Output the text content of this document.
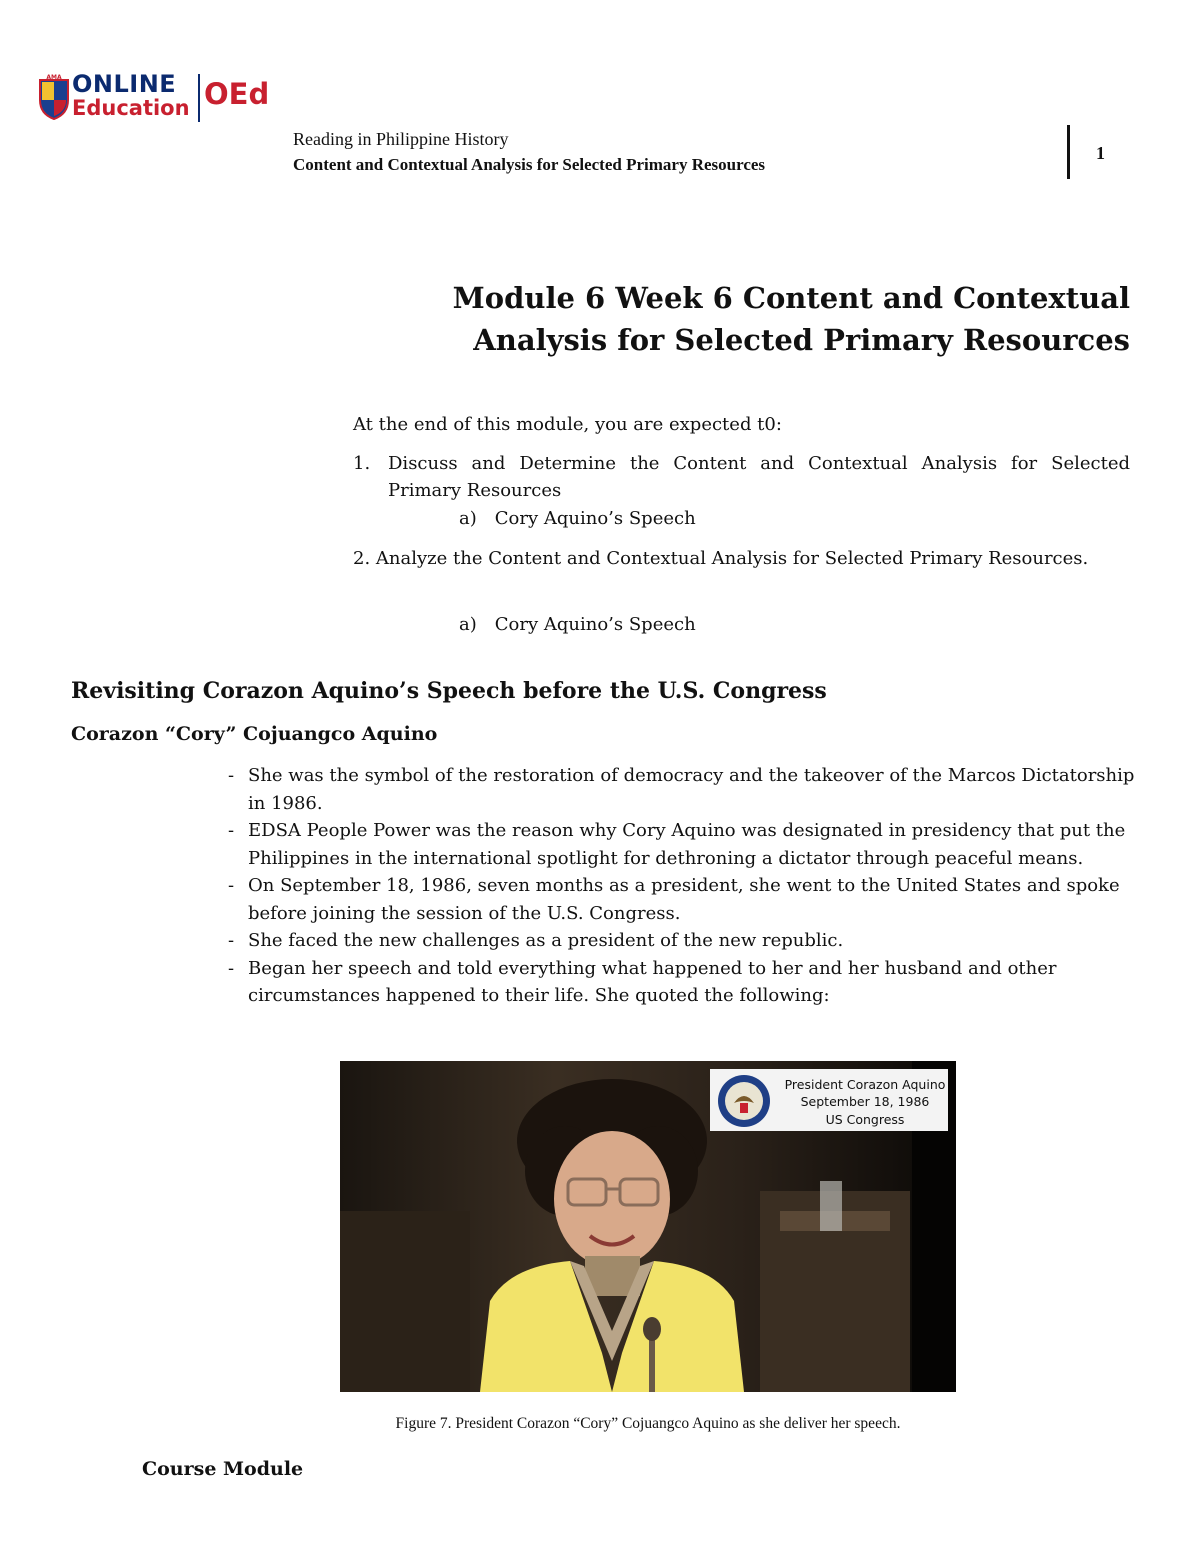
AMA ONLINE
Education OEd
Reading in Philippine History
Content and Contextual Analysis for Selected Primary Resources
1
Module 6 Week 6 Content and Contextual
Analysis for Selected Primary Resources
At the end of this module, you are expected t0:
1. Discuss and Determine the Content and Contextual Analysis for Selected Primary Resources
a) Cory Aquino’s Speech
2. Analyze the Content and Contextual Analysis for Selected Primary Resources.
a) Cory Aquino’s Speech
Revisiting Corazon Aquino’s Speech before the U.S. Congress
Corazon “Cory” Cojuangco Aquino
- She was the symbol of the restoration of democracy and the takeover of the Marcos Dictatorship in 1986.
- EDSA People Power was the reason why Cory Aquino was designated in presidency that put the Philippines in the international spotlight for dethroning a dictator through peaceful means.
- On September 18, 1986, seven months as a president, she went to the United States and spoke before joining the session of the U.S. Congress.
- She faced the new challenges as a president of the new republic.
- Began her speech and told everything what happened to her and her husband and other circumstances happened to their life. She quoted the following:
President Corazon Aquino
September 18, 1986
US Congress
Figure 7. President Corazon “Cory” Cojuangco Aquino as she deliver her speech.
Course Module
